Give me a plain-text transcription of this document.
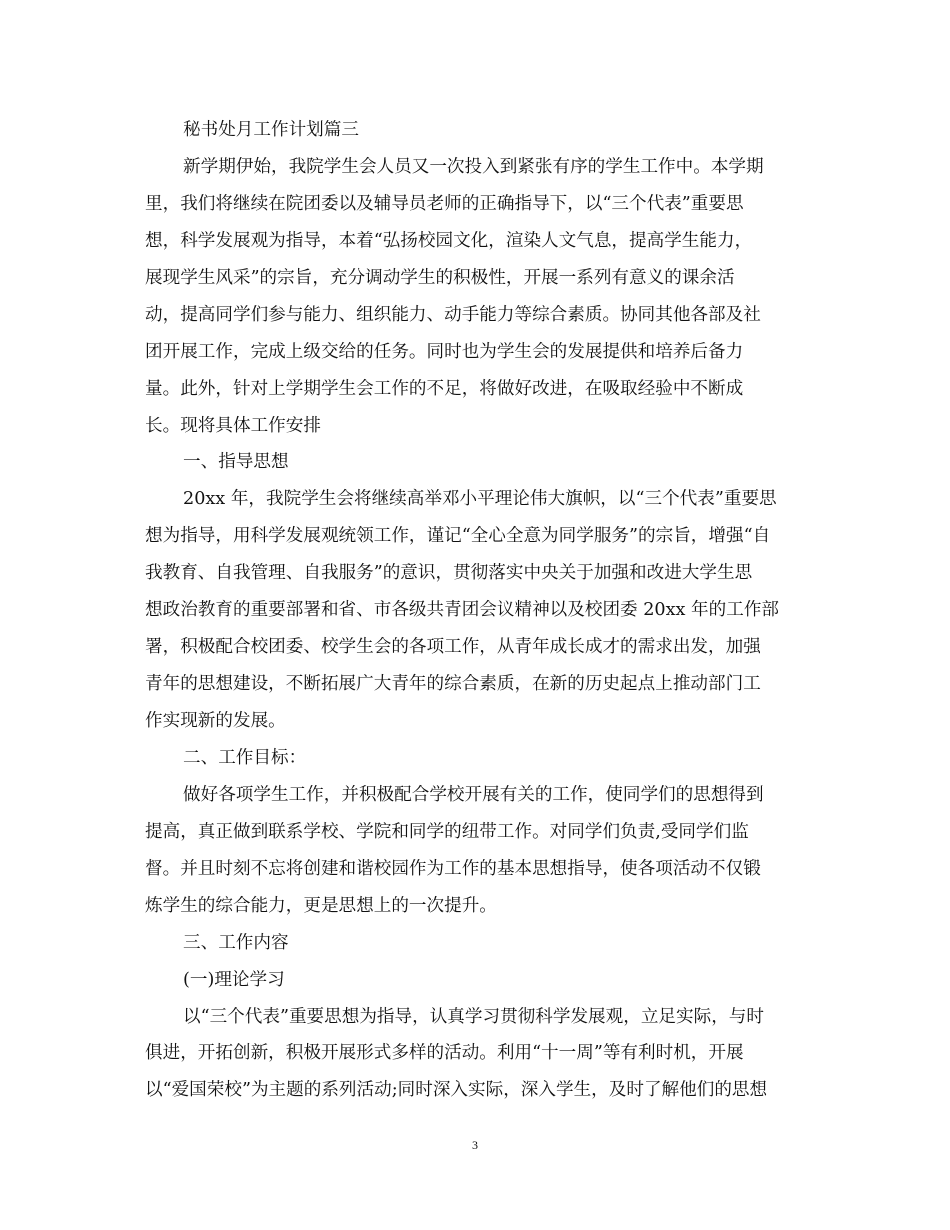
秘书处月工作计划篇三
新学期伊始，我院学生会人员又一次投入到紧张有序的学生工作中。本学期
里，我们将继续在院团委以及辅导员老师的正确指导下，以“三个代表”重要思
想，科学发展观为指导，本着“弘扬校园文化，渲染人文气息，提高学生能力，
展现学生风采”的宗旨，充分调动学生的积极性，开展一系列有意义的课余活
动，提高同学们参与能力、组织能力、动手能力等综合素质。协同其他各部及社
团开展工作，完成上级交给的任务。同时也为学生会的发展提供和培养后备力
量。此外，针对上学期学生会工作的不足，将做好改进，在吸取经验中不断成
长。现将具体工作安排
一、指导思想
20xx 年，我院学生会将继续高举邓小平理论伟大旗帜，以“三个代表”重要思
想为指导，用科学发展观统领工作，谨记“全心全意为同学服务”的宗旨，增强“自
我教育、自我管理、自我服务”的意识，贯彻落实中央关于加强和改进大学生思
想政治教育的重要部署和省、市各级共青团会议精神以及校团委 20xx 年的工作部
署，积极配合校团委、校学生会的各项工作，从青年成长成才的需求出发，加强
青年的思想建设，不断拓展广大青年的综合素质，在新的历史起点上推动部门工
作实现新的发展。
二、工作目标：
做好各项学生工作，并积极配合学校开展有关的工作，使同学们的思想得到
提高，真正做到联系学校、学院和同学的纽带工作。对同学们负责,受同学们监
督。并且时刻不忘将创建和谐校园作为工作的基本思想指导，使各项活动不仅锻
炼学生的综合能力，更是思想上的一次提升。
三、工作内容
(一)理论学习
以“三个代表”重要思想为指导，认真学习贯彻科学发展观，立足实际，与时
俱进，开拓创新，积极开展形式多样的活动。利用“十一周”等有利时机，开展
以“爱国荣校”为主题的系列活动;同时深入实际，深入学生，及时了解他们的思想
3
